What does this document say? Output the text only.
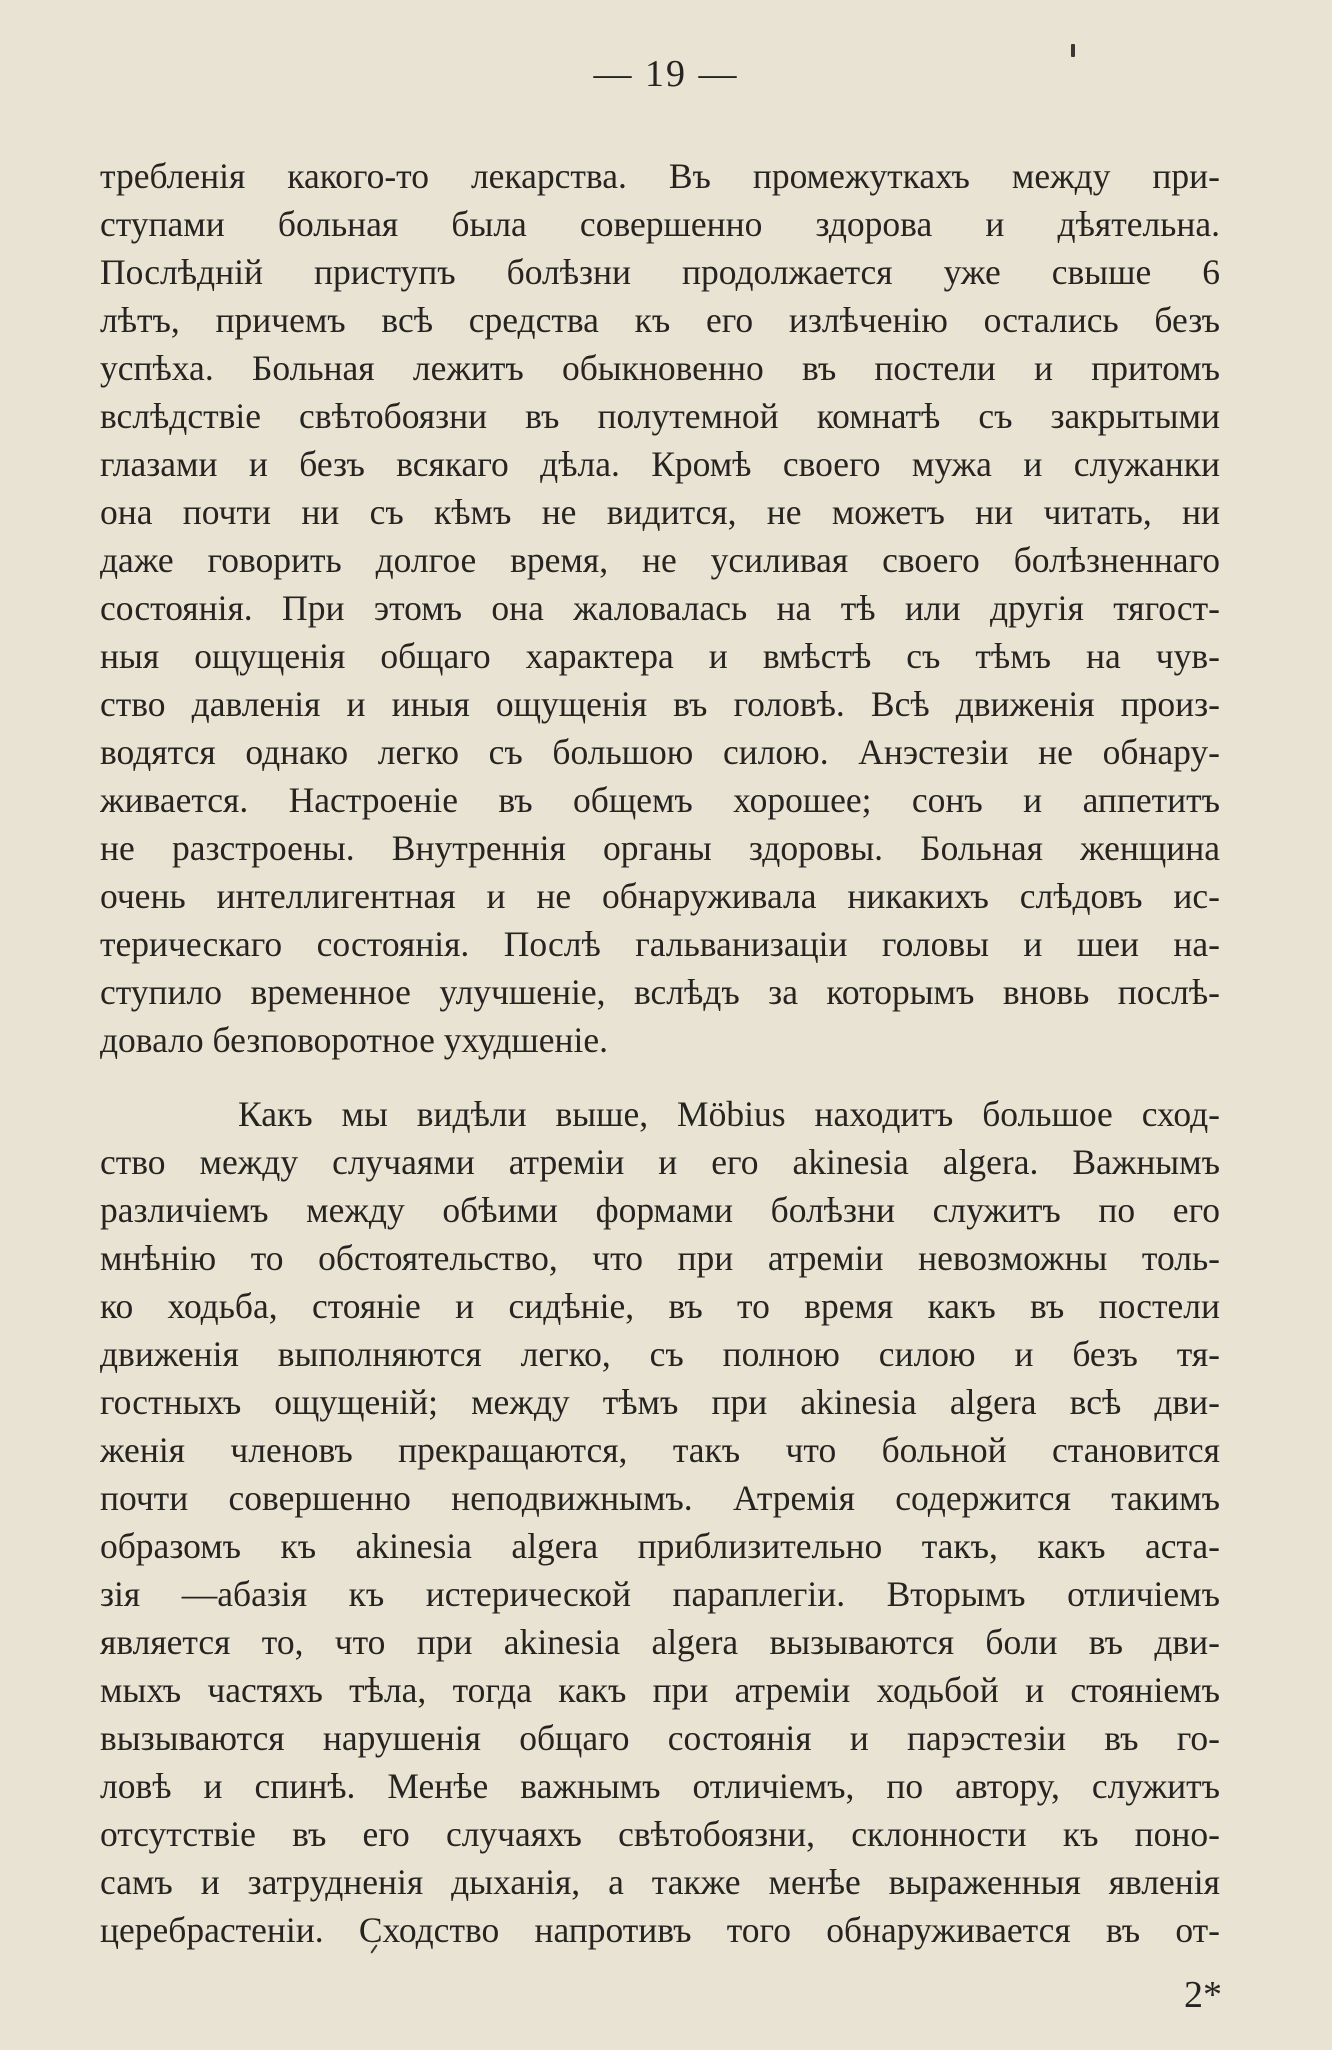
— 19 —
требленія какого-то лекарства. Въ промежуткахъ между при-
ступами больная была совершенно здорова и дѣятельна.
Послѣдній приступъ болѣзни продолжается уже свыше 6
лѣтъ, причемъ всѣ средства къ его излѣченію остались безъ
успѣха. Больная лежитъ обыкновенно въ постели и притомъ
вслѣдствіе свѣтобоязни въ полутемной комнатѣ съ закрытыми
глазами и безъ всякаго дѣла. Кромѣ своего мужа и служанки
она почти ни съ кѣмъ не видится, не можетъ ни читать, ни
даже говорить долгое время, не усиливая своего болѣзненнаго
состоянія. При этомъ она жаловалась на тѣ или другія тягост-
ныя ощущенія общаго характера и вмѣстѣ съ тѣмъ на чув-
ство давленія и иныя ощущенія въ головѣ. Всѣ движенія произ-
водятся однако легко съ большою силою. Анэстезіи не обнару-
живается. Настроеніе въ общемъ хорошее; сонъ и аппетитъ
не разстроены. Внутреннія органы здоровы. Больная женщина
очень интеллигентная и не обнаруживала никакихъ слѣдовъ ис-
терическаго состоянія. Послѣ гальванизаціи головы и шеи на-
ступило временное улучшеніе, вслѣдъ за которымъ вновь послѣ-
довало безповоротное ухудшеніе.
Какъ мы видѣли выше, Möbius находитъ большое сход-
ство между случаями атреміи и его akinesia algera. Важнымъ
различіемъ между обѣими формами болѣзни служитъ по его
мнѣнію то обстоятельство, что при атреміи невозможны толь-
ко ходьба, стояніе и сидѣніе, въ то время какъ въ постели
движенія выполняются легко, съ полною силою и безъ тя-
гостныхъ ощущеній; между тѣмъ при akinesia algera всѣ дви-
женія членовъ прекращаются, такъ что больной становится
почти совершенно неподвижнымъ. Атремія содержится такимъ
образомъ къ akinesia algera приблизительно такъ, какъ аста-
зія —абазія къ истерической параплегіи. Вторымъ отличіемъ
является то, что при akinesia algera вызываются боли въ дви-
мыхъ частяхъ тѣла, тогда какъ при атреміи ходьбой и стояніемъ
вызываются нарушенія общаго состоянія и парэстезіи въ го-
ловѣ и спинѣ. Менѣе важнымъ отличіемъ, по автору, служитъ
отсутствіе въ его случаяхъ свѣтобоязни, склонности къ поно-
самъ и затрудненія дыханія, а также менѣе выраженныя явленія
церебрастеніи. Сходство напротивъ того обнаруживается въ от-
2*
